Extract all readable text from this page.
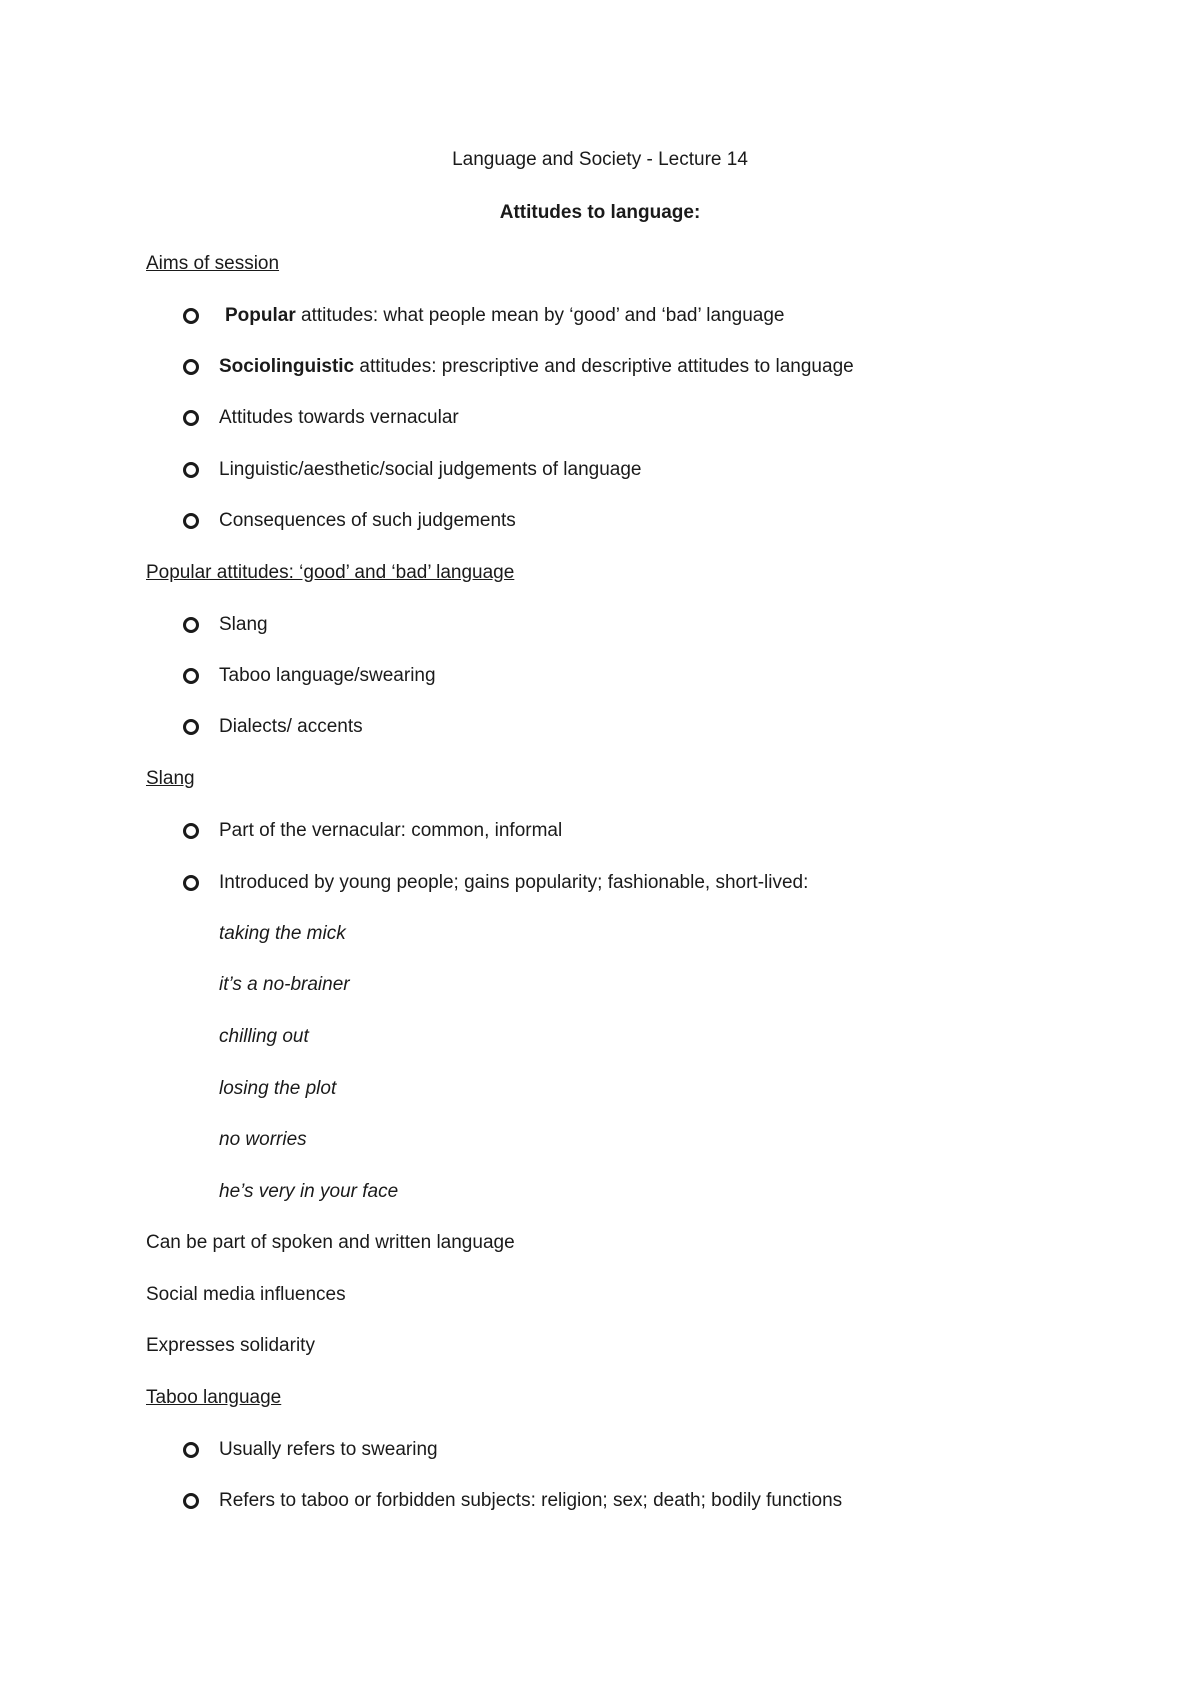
Language and Society - Lecture 14
Attitudes to language:
Aims of session
Popular attitudes: what people mean by ‘good’ and ‘bad’ language
Sociolinguistic attitudes: prescriptive and descriptive attitudes to language
Attitudes towards vernacular
Linguistic/aesthetic/social judgements of language
Consequences of such judgements
Popular attitudes: ‘good’ and ‘bad’ language
Slang
Taboo language/swearing
Dialects/ accents
Slang
Part of the vernacular: common, informal
Introduced by young people; gains popularity; fashionable, short-lived:
taking the mick
it’s a no-brainer
chilling out
losing the plot
no worries
he’s very in your face
Can be part of spoken and written language
Social media influences
Expresses solidarity
Taboo language
Usually refers to swearing
Refers to taboo or forbidden subjects: religion; sex; death; bodily functions
